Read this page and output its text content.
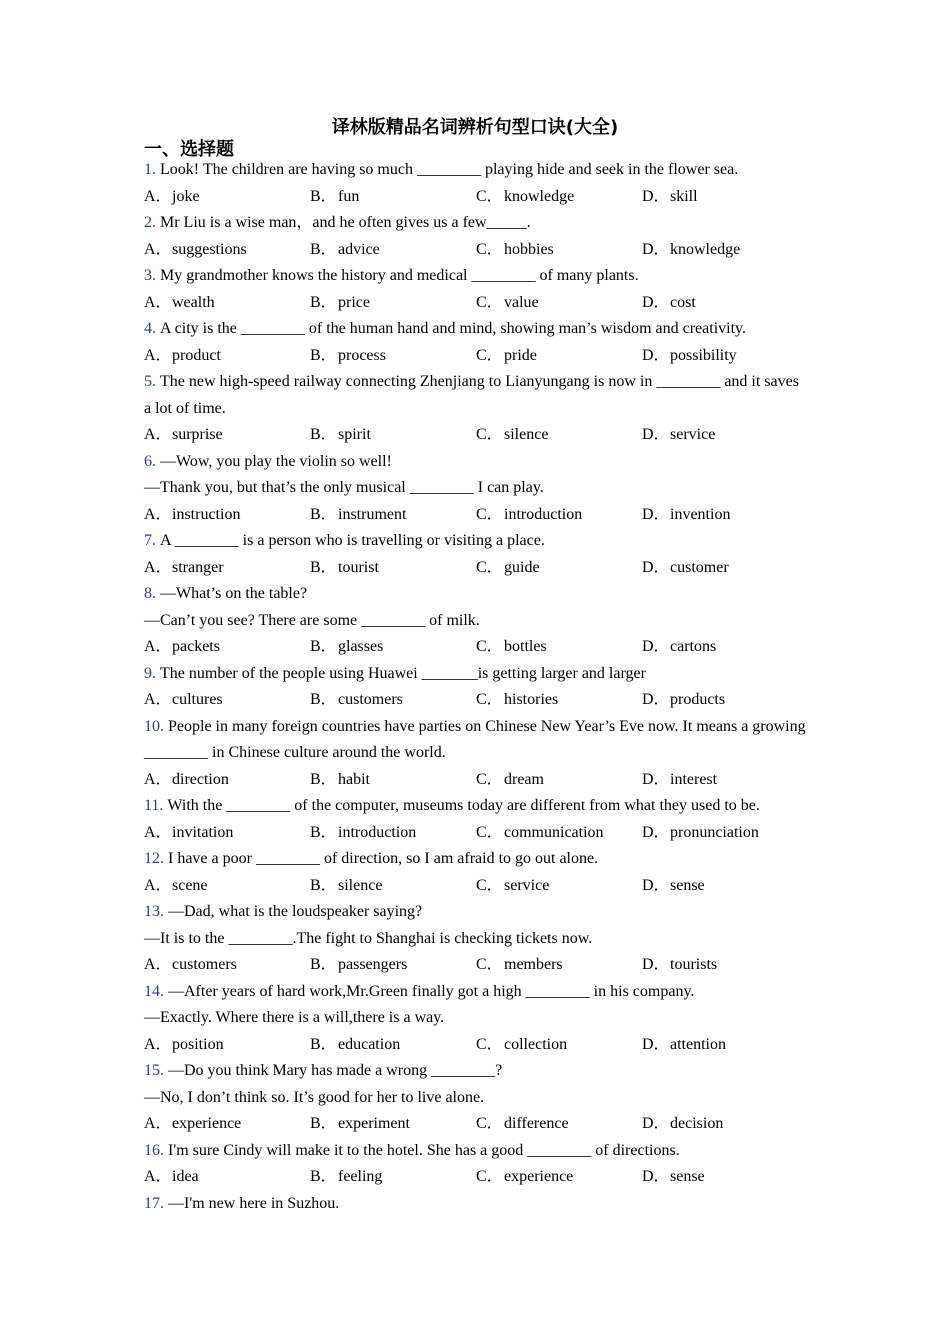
译林版精品名词辨析句型口诀(大全)
一、选择题
1. Look! The children are having so much ________ playing hide and seek in the flower sea.
A．joke	B．fun	C．knowledge	D．skill
2. Mr Liu is a wise man，and he often gives us a few_____.
A．suggestions	B．advice	C．hobbies	D．knowledge
3. My grandmother knows the history and medical ________ of many plants.
A．wealth	B．price	C．value	D．cost
4. A city is the ________ of the human hand and mind, showing man’s wisdom and creativity.
A．product	B．process	C．pride	D．possibility
5. The new high-speed railway connecting Zhenjiang to Lianyungang is now in ________ and it saves a lot of time.
A．surprise	B．spirit	C．silence	D．service
6. —Wow, you play the violin so well!
—Thank you, but that’s the only musical ________ I can play.
A．instruction	B．instrument	C．introduction	D．invention
7. A ________ is a person who is travelling or visiting a place.
A．stranger	B．tourist	C．guide	D．customer
8. —What’s on the table?
—Can’t you see? There are some ________ of milk.
A．packets	B．glasses	C．bottles	D．cartons
9. The number of the people using Huawei _______is getting larger and larger
A．cultures	B．customers	C．histories	D．products
10. People in many foreign countries have parties on Chinese New Year’s Eve now. It means a growing ________ in Chinese culture around the world.
A．direction	B．habit	C．dream	D．interest
11. With the ________ of the computer, museums today are different from what they used to be.
A．invitation	B．introduction	C．communication	D．pronunciation
12. I have a poor ________ of direction, so I am afraid to go out alone.
A．scene	B．silence	C．service	D．sense
13. —Dad, what is the loudspeaker saying?
—It is to the ________.The fight to Shanghai is checking tickets now.
A．customers	B．passengers	C．members	D．tourists
14. —After years of hard work,Mr.Green finally got a high ________ in his company.
—Exactly. Where there is a will,there is a way.
A．position	B．education	C．collection	D．attention
15. —Do you think Mary has made a wrong ________?
—No, I don’t think so. It’s good for her to live alone.
A．experience	B．experiment	C．difference	D．decision
16. I'm sure Cindy will make it to the hotel. She has a good ________ of directions.
A．idea	B．feeling	C．experience	D．sense
17. —I'm new here in Suzhou.
